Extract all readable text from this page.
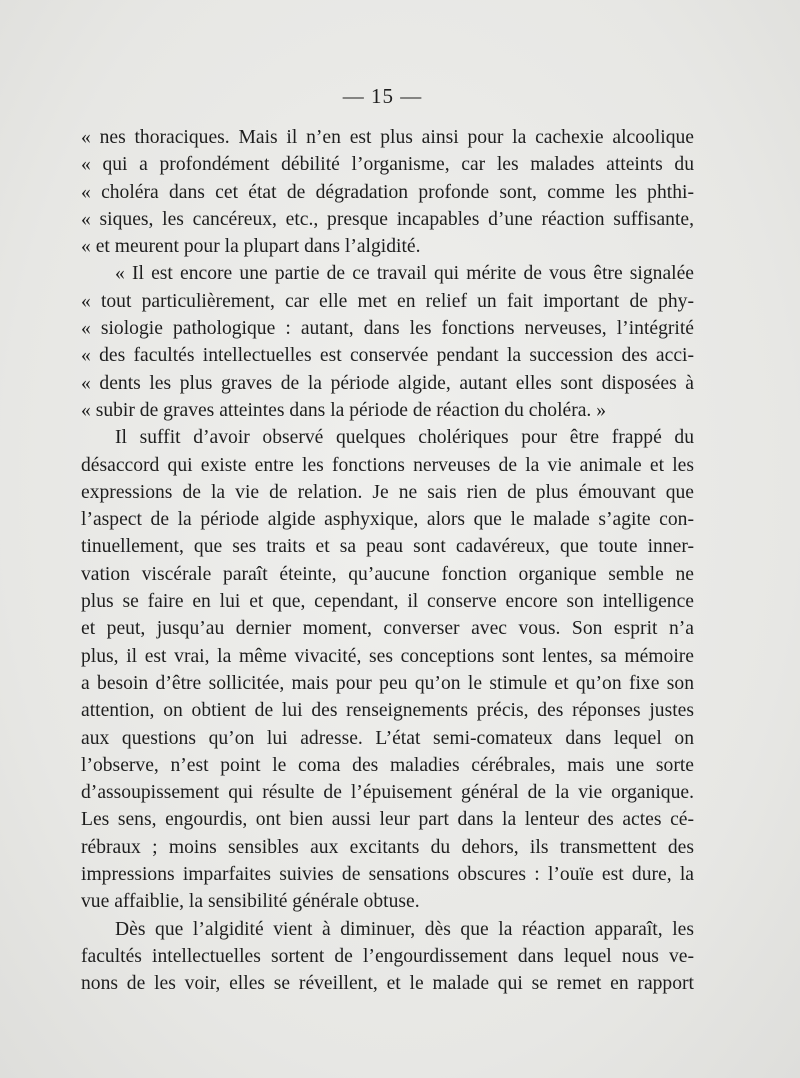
— 15 —
« nes thoraciques. Mais il n’en est plus ainsi pour la cachexie alcoolique
« qui a profondément débilité l’organisme, car les malades atteints du
« choléra dans cet état de dégradation profonde sont, comme les phthi-
« siques, les cancéreux, etc., presque incapables d’une réaction suffisante,
« et meurent pour la plupart dans l’algidité.
« Il est encore une partie de ce travail qui mérite de vous être signalée
« tout particulièrement, car elle met en relief un fait important de phy-
« siologie pathologique : autant, dans les fonctions nerveuses, l’intégrité
« des facultés intellectuelles est conservée pendant la succession des acci-
« dents les plus graves de la période algide, autant elles sont disposées à
« subir de graves atteintes dans la période de réaction du choléra. »
Il suffit d’avoir observé quelques cholériques pour être frappé du
désaccord qui existe entre les fonctions nerveuses de la vie animale et les
expressions de la vie de relation. Je ne sais rien de plus émouvant que
l’aspect de la période algide asphyxique, alors que le malade s’agite con-
tinuellement, que ses traits et sa peau sont cadavéreux, que toute inner-
vation viscérale paraît éteinte, qu’aucune fonction organique semble ne
plus se faire en lui et que, cependant, il conserve encore son intelligence
et peut, jusqu’au dernier moment, converser avec vous. Son esprit n’a
plus, il est vrai, la même vivacité, ses conceptions sont lentes, sa mémoire
a besoin d’être sollicitée, mais pour peu qu’on le stimule et qu’on fixe son
attention, on obtient de lui des renseignements précis, des réponses justes
aux questions qu’on lui adresse. L’état semi-comateux dans lequel on
l’observe, n’est point le coma des maladies cérébrales, mais une sorte
d’assoupissement qui résulte de l’épuisement général de la vie organique.
Les sens, engourdis, ont bien aussi leur part dans la lenteur des actes cé-
rébraux ; moins sensibles aux excitants du dehors, ils transmettent des
impressions imparfaites suivies de sensations obscures : l’ouïe est dure, la
vue affaiblie, la sensibilité générale obtuse.
Dès que l’algidité vient à diminuer, dès que la réaction apparaît, les
facultés intellectuelles sortent de l’engourdissement dans lequel nous ve-
nons de les voir, elles se réveillent, et le malade qui se remet en rapport
